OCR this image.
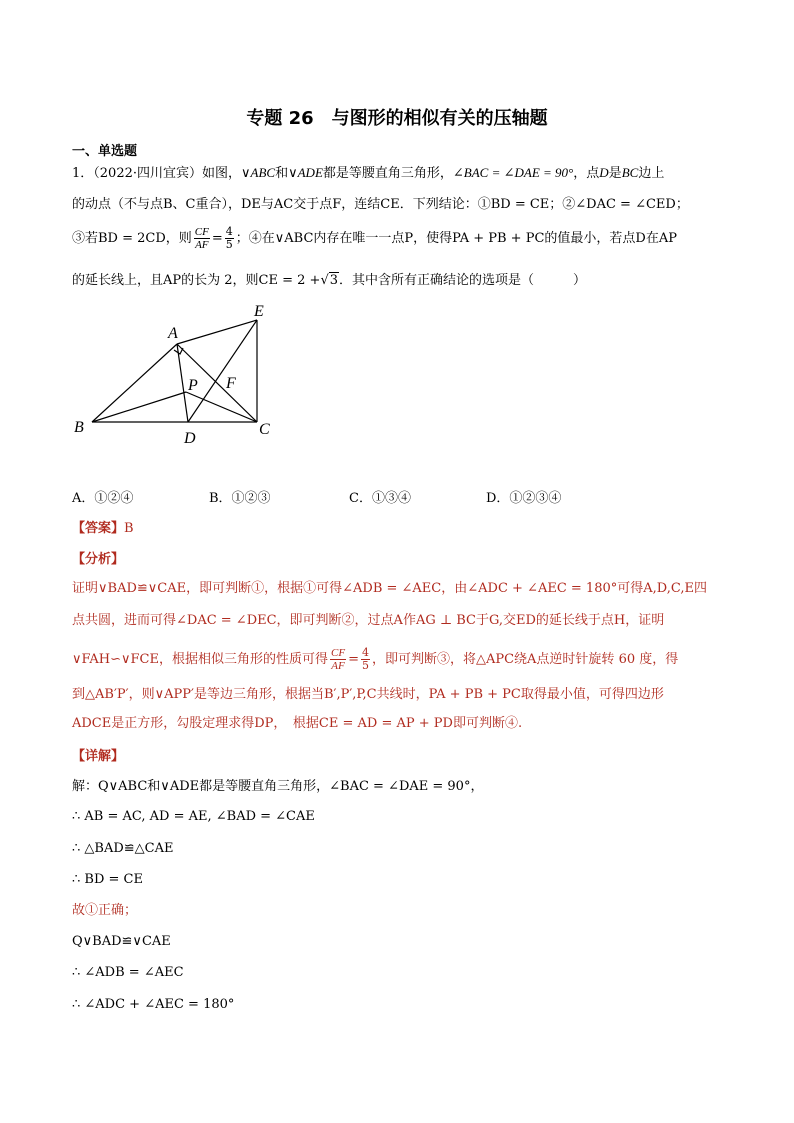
专题 26　与图形的相似有关的压轴题
一、单选题
1．（2022·四川宜宾）如图，∨ABC和∨ADE都是等腰直角三角形，∠BAC = ∠DAE = 90°，点D是BC边上
的动点（不与点B、C重合），DE与AC交于点F，连结CE．下列结论：①BD = CE；②∠DAC = ∠CED；
③若BD = 2CD，则 $\frac{CF}{AF} = \frac{4}{5}$ ；④在∨ABC内存在唯一一点P，使得PA + PB + PC的值最小，若点D在AP
的延长线上，且AP的长为 2，则CE = 2 +√3．其中含所有正确结论的选项是（　　　）
A
E
P F
B
D
C
A．①②④	B．①②③	C．①③④	D．①②③④
【答案】B
【分析】
证明∨BAD≌∨CAE，即可判断①，根据①可得∠ADB = ∠AEC，由∠ADC + ∠AEC = 180°可得A,D,C,E四
点共圆，进而可得∠DAC = ∠DEC，即可判断②，过点A作AG ⊥ BC于G,交ED的延长线于点H，证明
∨FAH∽∨FCE，根据相似三角形的性质可得 $\frac{CF}{AF} = \frac{4}{5}$ ，即可判断③，将△APC绕A点逆时针旋转 60 度，得
到△AB′P′，则∨APP′是等边三角形，根据当B′,P′,P,C共线时，PA + PB + PC取得最小值，可得四边形
ADCE是正方形，勾股定理求得DP，　根据CE = AD = AP + PD即可判断④.
【详解】
解：Q∨ABC和∨ADE都是等腰直角三角形，∠BAC = ∠DAE = 90°，
∴ AB = AC, AD = AE, ∠BAD = ∠CAE
∴ △BAD≌△CAE
∴ BD = CE
故①正确；
Q∨BAD≌∨CAE
∴ ∠ADB = ∠AEC
∴ ∠ADC + ∠AEC = 180°
